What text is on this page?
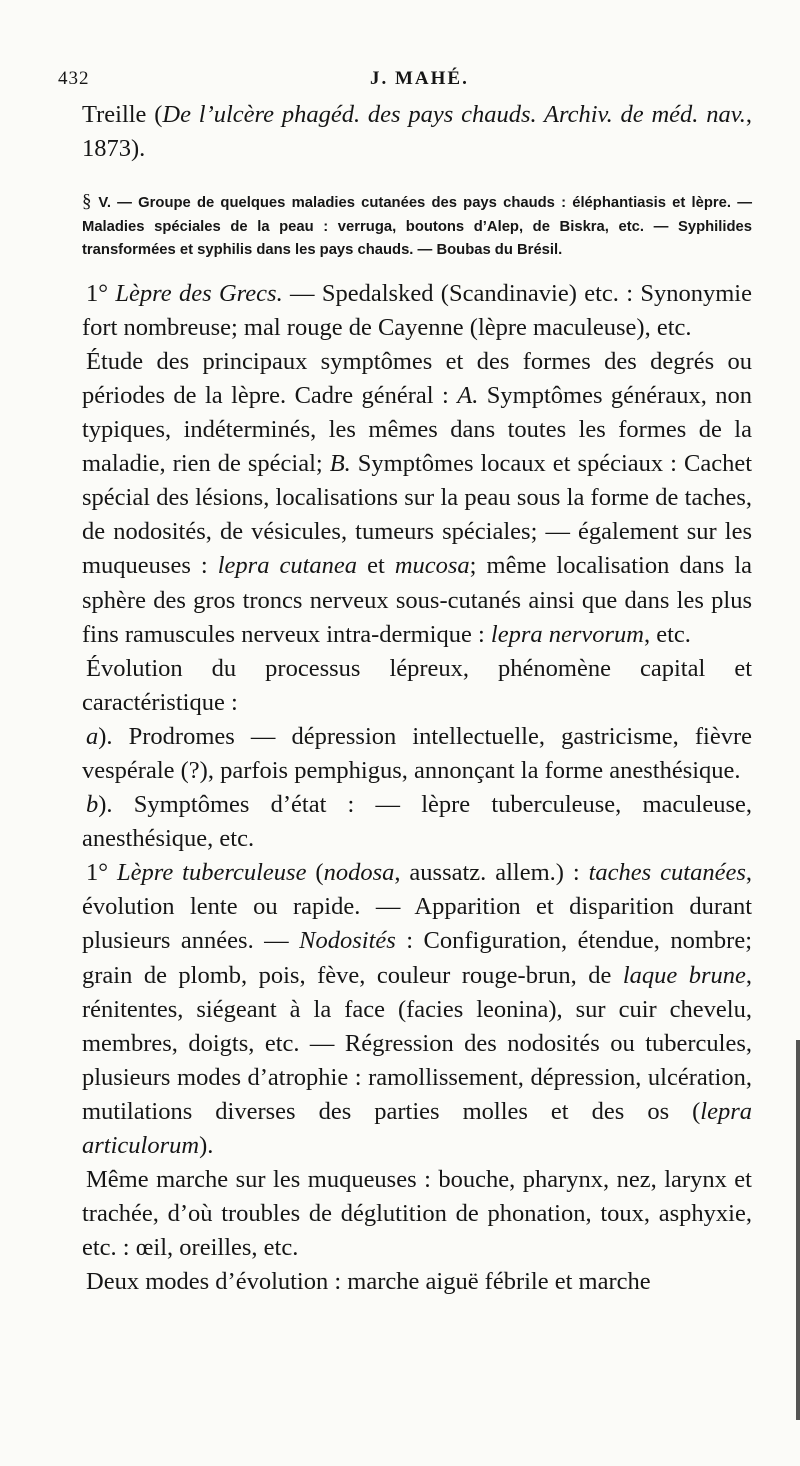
432	J. MAHÉ.

Treille (De l’ulcère phagéd. des pays chauds. Archiv. de méd. nav., 1873).

§ V. — Groupe de quelques maladies cutanées des pays chauds : éléphantiasis et lèpre. — Maladies spéciales de la peau : verruga, boutons d’Alep, de Biskra, etc. — Syphilides transformées et syphilis dans les pays chauds. — Boubas du Brésil.

1° Lèpre des Grecs. — Spedalsked (Scandinavie) etc. : Synonymie fort nombreuse; mal rouge de Cayenne (lèpre maculeuse), etc.

Étude des principaux symptômes et des formes des degrés ou périodes de la lèpre. Cadre général : A. Symptômes généraux, non typiques, indéterminés, les mêmes dans toutes les formes de la maladie, rien de spécial; B. Symptômes locaux et spéciaux : Cachet spécial des lésions, localisations sur la peau sous la forme de taches, de nodosités, de vésicules, tumeurs spéciales; — également sur les muqueuses : lepra cutanea et mucosa; même localisation dans la sphère des gros troncs nerveux sous-cutanés ainsi que dans les plus fins ramuscules nerveux intra-dermique : lepra nervorum, etc.

Évolution du processus lépreux, phénomène capital et caractéristique :

a). Prodromes — dépression intellectuelle, gastricisme, fièvre vespérale (?), parfois pemphigus, annonçant la forme anesthésique.

b). Symptômes d’état : — lèpre tuberculeuse, maculeuse, anesthésique, etc.

1° Lèpre tuberculeuse (nodosa, aussatz. allem.) : taches cutanées, évolution lente ou rapide. — Apparition et disparition durant plusieurs années. — Nodosités : Configuration, étendue, nombre; grain de plomb, pois, fève, couleur rouge-brun, de laque brune, rénitentes, siégeant à la face (facies leonina), sur cuir chevelu, membres, doigts, etc. — Régression des nodosités ou tubercules, plusieurs modes d’atrophie : ramollissement, dépression, ulcération, mutilations diverses des parties molles et des os (lepra articulorum).

Même marche sur les muqueuses : bouche, pharynx, nez, larynx et trachée, d’où troubles de déglutition de phonation, toux, asphyxie, etc. : œil, oreilles, etc.

Deux modes d’évolution : marche aiguë fébrile et marche
